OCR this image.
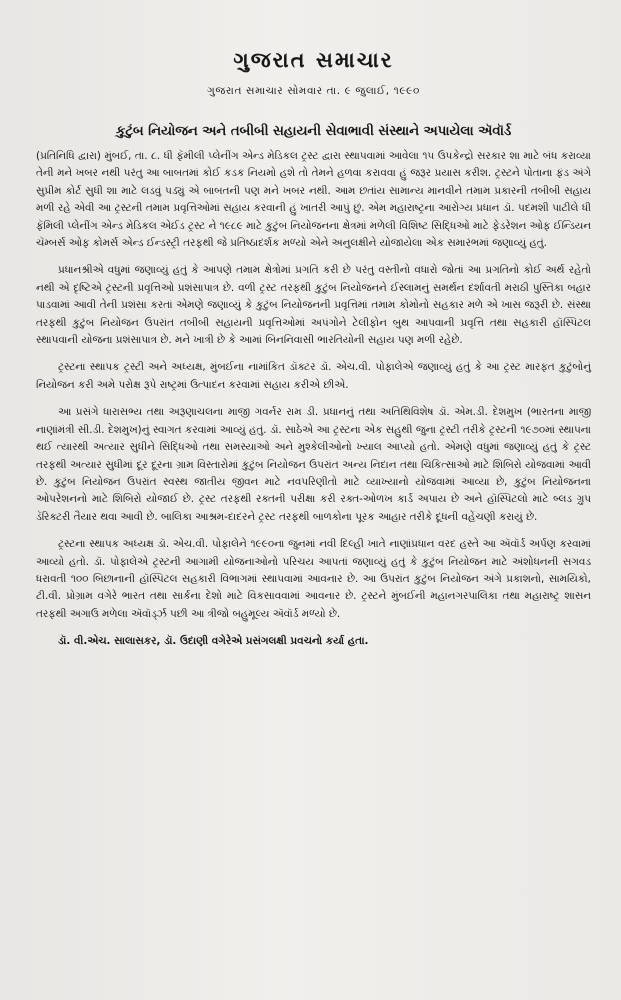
ગુજરાત સમાચાર
ગુજરાત સમાચાર સોમવાર તા. ૯ જુલાઈ, ૧૯૯૦
કુટુંબ નિયોજન અને તબીબી સહાયની સેવાભાવી સંસ્થાને અપાયેલા ઍવૉર્ડ

(પ્રતિનિધિ દ્વારા) મુંબઈ, તા. ૮. ધી ફૅમીલી પ્લેનીંગ એન્ડ મેડિકલ ટ્રસ્ટ દ્વારા સ્થાપવામાં આવેલા ૧૫ ઉપકેન્દ્રો સરકાર શા માટે બંધ કરાવ્યા તેની મને ખબર નથી પરંતુ આ બાબતમાં કોઈ કડક નિયમો હશે તો તેમને હળવા કરાવવા હું જરૂર પ્રયાસ કરીશ. ટ્રસ્ટને પોતાના ફંડ અંગે સુપ્રીમ કોર્ટ સુધી શા માટે લડવું પડ્યું એ બાબતની પણ મને ખબર નથી. આમ છતાંય સામાન્ય માનવીને તમામ પ્રકારની તબીબી સહાય મળી રહે એવી આ ટ્રસ્ટની તમામ પ્રવૃત્તિઓમાં સહાય કરવાની હું ખાતરી આપું છું. એમ મહારાષ્ટ્રના આરોગ્ય પ્રધાન ડૉ. પદમશી પાટીલે ધી ફૅમિલી પ્લેનીંગ એન્ડ મેડિકલ એઈડ ટ્રસ્ટ ને ૧૯૮૯ માટે કુટુંબ નિયોજનના ક્ષેત્રમાં મળેલી વિશિષ્ટ સિદ્ધિઓ માટે ફેડરેશન ઓફ ઈન્ડિયન ચૅમ્બર્સ ઓફ કોમર્સ એન્ડ ઈન્ડસ્ટ્રી તરફથી જે પ્રતિષ્ઠાદર્શક મળ્યો એને અનુલક્ષીને યોજાયેલા એક સમારંભમાં જણાવ્યું હતું.

પ્રધાનશ્રીએ વધુમાં જણાવ્યું હતું કે આપણે તમામ ક્ષેત્રોમાં પ્રગતિ કરી છે પરંતુ વસ્તીનો વધારો જોતાં આ પ્રગતિનો કોઈ અર્થ રહેતો નથી એ દૃષ્ટિએ ટ્રસ્ટની પ્રવૃત્તિઓ પ્રશંસાપાત્ર છે. વળી ટ્રસ્ટ તરફથી કુટુંબ નિયોજનને ઈસ્લામનું સમર્થન દર્શાવતી મરાઠી પુસ્તિકા બહાર પાડવામાં આવી તેની પ્રશંસા કરતાં એમણે જણાવ્યું કે કુટુંબ નિયોજનની પ્રવૃત્તિમાં તમામ કોમોનો સહકાર મળે એ ખાસ જરૂરી છે. સંસ્થા તરફથી કુટુંબ નિયોજન ઉપરાંત તબીબી સહાયની પ્રવૃત્તિઓમાં અપંગોને ટેલીફોન બુથ આપવાની પ્રવૃત્તિ તથા સહકારી હૉસ્પિટલ સ્થાપવાની યોજના પ્રશંસાપાત્ર છે. મને ખાત્રી છે કે આમાં બિનનિવાસી ભારતિયોની સહાય પણ મળી રહેછે.

ટ્રસ્ટના સ્થાપક ટ્રસ્ટી અને અધ્યક્ષ, મુંબઈના નામાંકિત ડૉક્ટર ડૉ. એચ.વી. પોફાલેએ જણાવ્યું હતું કે આ ટ્રસ્ટ મારફત કુટુંબોનું નિયોજન કરી અમે પરોક્ષ રૂપે રાષ્ટ્રમાં ઉત્પાદન કરવામાં સહાય કરીએ છીએ.

આ પ્રસંગે ધારાસભ્ય તથા અરૂણાચલના માજી ગવર્નર રામ ડી. પ્રધાનનું તથા અતિથિવિશેષ ડૉ. એમ.ડી. દેશમુખ (ભારતના માજી નાણાંમંત્રી સી.ડી. દેશમુખ)નું સ્વાગત કરવામાં આવ્યું હતું. ડૉ. સાઠેએ આ ટ્રસ્ટના એક સહુથી જુના ટ્રસ્ટી તરીકે ટ્રસ્ટની ૧૯૭૦માં સ્થાપના થઈ ત્યારથી અત્યાર સુધીને સિદ્ધિઓ તથા સમસ્યાઓ અને મુશ્કેલીઓનો ખ્યાલ આપ્યો હતો. એમણે વધુમાં જણાવ્યું હતું કે ટ્રસ્ટ તરફથી અત્યાર સુધીમાં દૂર દૂરના ગ્રામ વિસ્તારોમાં કુટુંબ નિયોજન ઉપરાંત અન્ય નિદાન તથા ચિકિત્સાઓ માટે શિબિરો યોજવામાં આવી છે. કુટુંબ નિયોજન ઉપરાંત સ્વસ્થ જાતીય જીવન માટે નવપરિણીતો માટે વ્યાખ્યાનો યોજવામાં આવ્યા છે, કુટુંબ નિયોજનના ઓપરેશનનો માટે શિબિરો યોજાઈ છે. ટ્રસ્ટ તરફથી રક્તની પરીક્ષા કરી રક્ત-ઓળખ કાર્ડ અપાય છે અને હૉસ્પિટલો માટે બ્લડ ગ્રુપ ડૅરિક્ટરી તૈયાર થવા આવી છે. બાલિકા આશ્રમ-દાદરને ટ્રસ્ટ તરફથી બાળકોના પૂરક આહાર તરીકે દૂધની વહેંચણી કરાયું છે.

ટ્રસ્ટના સ્થાપક અધ્યક્ષ ડૉ. એચ.વી. પોફાલેને ૧૯૯૦ના જુનમાં નવી દિલ્હી ખાતે નાણાંપ્રધાન વરદ હસ્તે આ ઍવૉર્ડ અર્પણ કરવામાં આવ્યો હતો. ડૉ. પોફાલેએ ટ્રસ્ટની આગામી યોજનાઓનો પરિચય આપતાં જણાવ્યું હતું કે કુટુંબ નિયોજન માટે અંશોધનની સગવડ ધરાવતી ૧૦૦ બિછાનાની હૉસ્પિટલ સહકારી વિભાગમાં સ્થાપવામાં આવનાર છે. આ ઉપરાંત કુટુંબ નિયોજન અંગે પ્રકાશનો, સામયિકો, ટી.વી. પ્રોગ્રામ વગેરે ભારત તથા સાર્કના દેશો માટે વિકસાવવામાં આવનાર છે. ટ્રસ્ટને મુંબઈની મહાનગરપાલિકા તથા મહારાષ્ટ્ર શાસન તરફથી અગાઉ મળેલા ઍવૉર્ડ્ઝ પછી આ ત્રીજો બહુમૂલ્ય ઍવૉર્ડ મળ્યો છે.

ડૉ. વી.એચ. સાલાસકર, ડૉ. ઉદાણી વગેરેએ પ્રસંગલક્ષી પ્રવચનો કર્યા હતા.
